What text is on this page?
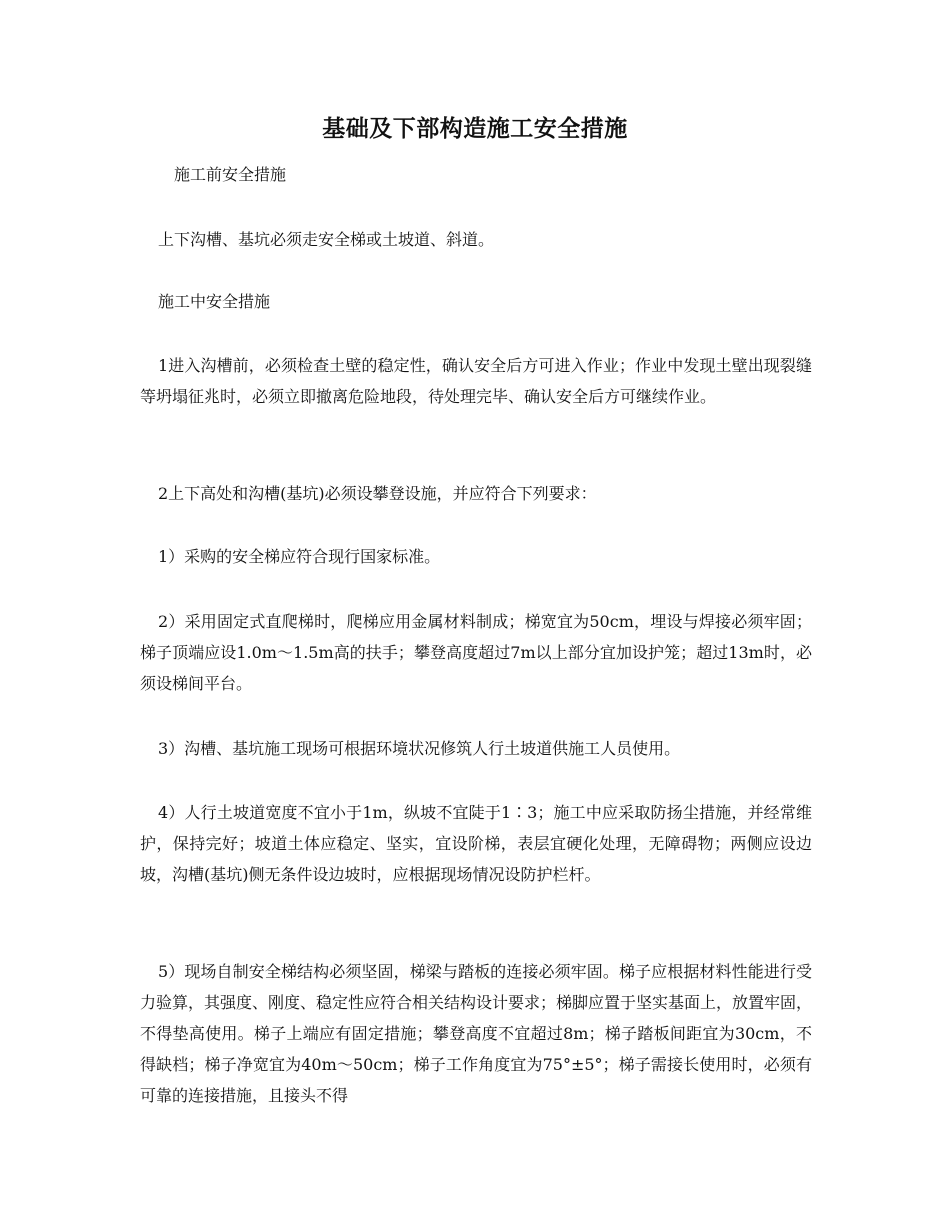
基础及下部构造施工安全措施

施工前安全措施

上下沟槽、基坑必须走安全梯或土坡道、斜道。

施工中安全措施

1进入沟槽前，必须检查土壁的稳定性，确认安全后方可进入作业；作业中发现土壁出现裂缝等坍塌征兆时，必须立即撤离危险地段，待处理完毕、确认安全后方可继续作业。

2上下高处和沟槽(基坑)必须设攀登设施，并应符合下列要求：

1）采购的安全梯应符合现行国家标准。

2）采用固定式直爬梯时，爬梯应用金属材料制成；梯宽宜为50cm，埋设与焊接必须牢固；梯子顶端应设1.0m～1.5m高的扶手；攀登高度超过7m以上部分宜加设护笼；超过13m时，必须设梯间平台。

3）沟槽、基坑施工现场可根据环境状况修筑人行土坡道供施工人员使用。

4）人行土坡道宽度不宜小于1m，纵坡不宜陡于1∶3；施工中应采取防扬尘措施，并经常维护，保持完好；坡道土体应稳定、坚实，宜设阶梯，表层宜硬化处理，无障碍物；两侧应设边坡，沟槽(基坑)侧无条件设边坡时，应根据现场情况设防护栏杆。

5）现场自制安全梯结构必须坚固，梯梁与踏板的连接必须牢固。梯子应根据材料性能进行受力验算，其强度、刚度、稳定性应符合相关结构设计要求；梯脚应置于坚实基面上，放置牢固，不得垫高使用。梯子上端应有固定措施；攀登高度不宜超过8m；梯子踏板间距宜为30cm，不得缺档；梯子净宽宜为40m～50cm；梯子工作角度宜为75°±5°；梯子需接长使用时，必须有可靠的连接措施，且接头不得
